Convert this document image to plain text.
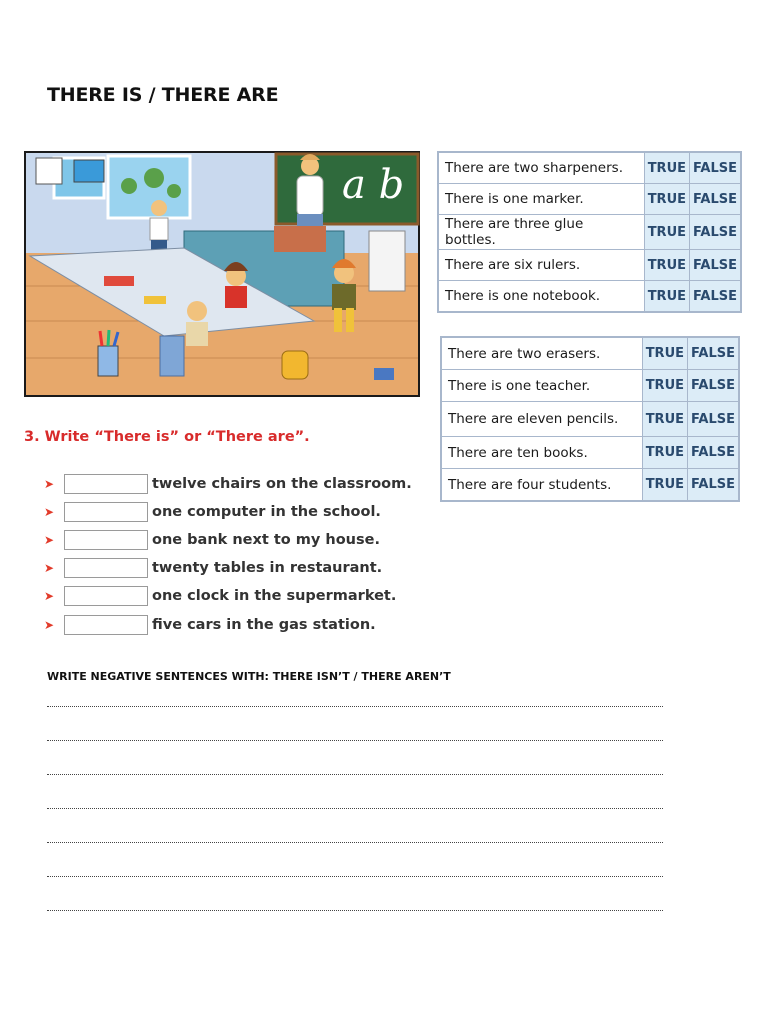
THERE IS / THERE ARE
a b	There are two sharpeners.	TRUE	FALSE
There is one marker.	TRUE	FALSE
There are three glue bottles.	TRUE	FALSE
There are six rulers.	TRUE	FALSE
There is one notebook.	TRUE	FALSE
There are two erasers.	TRUE	FALSE
There is one teacher.	TRUE	FALSE
There are eleven pencils.	TRUE	FALSE
There are ten books.	TRUE	FALSE
There are four students.	TRUE	FALSE
3. Write “There is” or “There are”.
➤	twelve chairs on the classroom.
➤	one computer in the school.
➤	one bank next to my house.
➤	twenty tables in restaurant.
➤	one clock in the supermarket.
➤	five cars in the gas station.
WRITE NEGATIVE SENTENCES WITH: THERE ISN’T / THERE AREN’T
